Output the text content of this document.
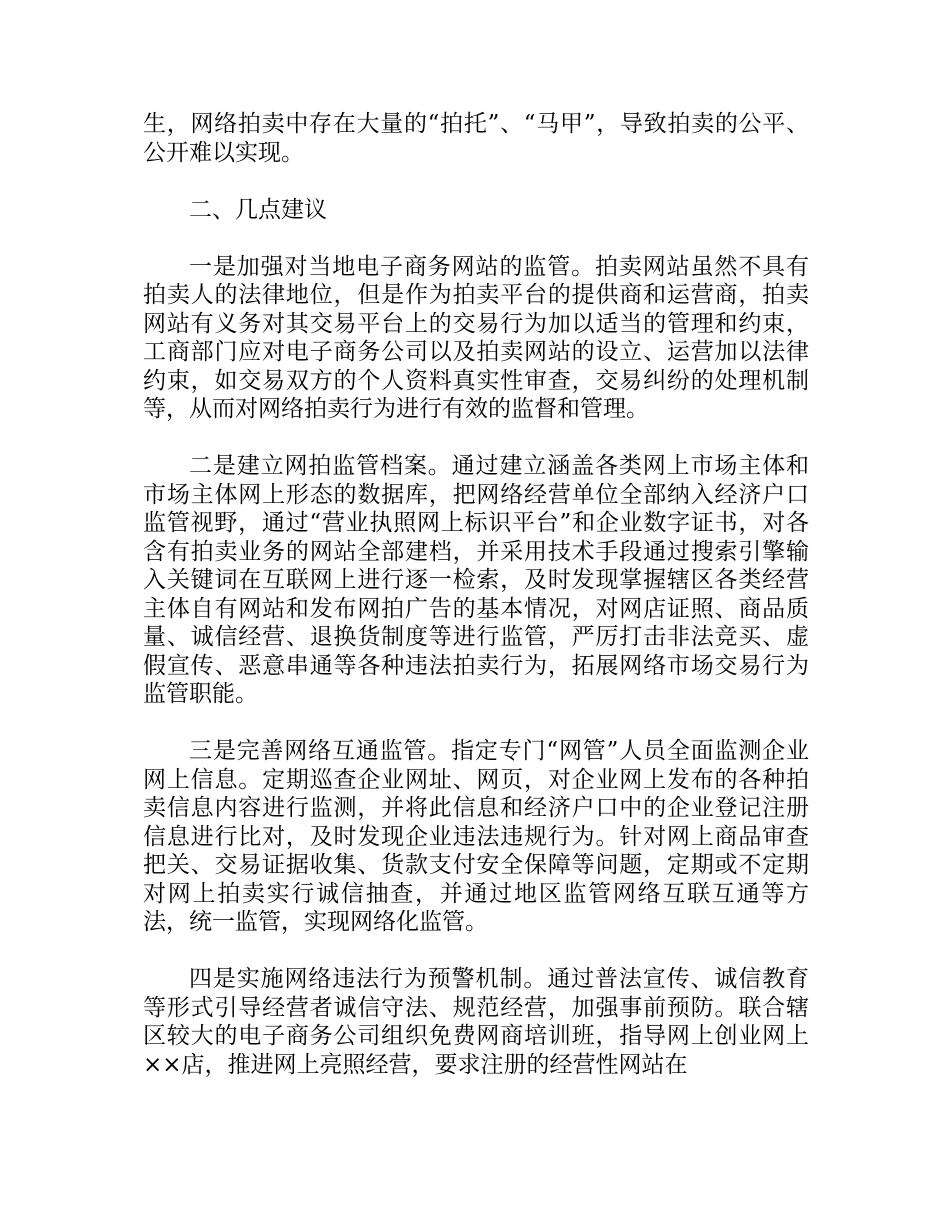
生，网络拍卖中存在大量的“拍托”、“马甲”，导致拍卖的公平、公开难以实现。

二、几点建议

一是加强对当地电子商务网站的监管。拍卖网站虽然不具有拍卖人的法律地位，但是作为拍卖平台的提供商和运营商，拍卖网站有义务对其交易平台上的交易行为加以适当的管理和约束，工商部门应对电子商务公司以及拍卖网站的设立、运营加以法律约束，如交易双方的个人资料真实性审查，交易纠纷的处理机制等，从而对网络拍卖行为进行有效的监督和管理。

二是建立网拍监管档案。通过建立涵盖各类网上市场主体和市场主体网上形态的数据库，把网络经营单位全部纳入经济户口监管视野，通过“营业执照网上标识平台”和企业数字证书，对各含有拍卖业务的网站全部建档，并采用技术手段通过搜索引擎输入关键词在互联网上进行逐一检索，及时发现掌握辖区各类经营主体自有网站和发布网拍广告的基本情况，对网店证照、商品质量、诚信经营、退换货制度等进行监管，严厉打击非法竞买、虚假宣传、恶意串通等各种违法拍卖行为，拓展网络市场交易行为监管职能。

三是完善网络互通监管。指定专门“网管”人员全面监测企业网上信息。定期巡查企业网址、网页，对企业网上发布的各种拍卖信息内容进行监测，并将此信息和经济户口中的企业登记注册信息进行比对，及时发现企业违法违规行为。针对网上商品审查把关、交易证据收集、货款支付安全保障等问题，定期或不定期对网上拍卖实行诚信抽查，并通过地区监管网络互联互通等方法，统一监管，实现网络化监管。

四是实施网络违法行为预警机制。通过普法宣传、诚信教育等形式引导经营者诚信守法、规范经营，加强事前预防。联合辖区较大的电子商务公司组织免费网商培训班，指导网上创业网上××店，推进网上亮照经营，要求注册的经营性网站在
